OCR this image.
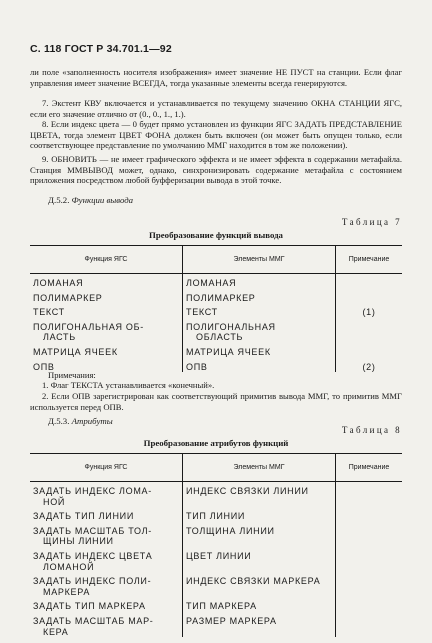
С. 118 ГОСТ Р 34.701.1—92
ли поле «заполненность носителя изображения» имеет значение НЕ ПУСТ на станции. Если флаг управления имеет значение ВСЕГДА, тогда указанные элементы всегда генерируются.
7. Экстент КВУ включается и устанавливается по текущему значению ОКНА СТАНЦИИ ЯГС, если его значение отлично от (0., 0., 1., 1.).
8. Если индекс цвета — 0 будет прямо установлен из функции ЯГС ЗАДАТЬ ПРЕДСТАВЛЕНИЕ ЦВЕТА, тогда элемент ЦВЕТ ФОНА должен быть включен (он может быть опущен только, если соответствующее представление по умолчанию ММГ находится в том же положении).
9. ОБНОВИТЬ — не имеет графического эффекта и не имеет эффекта в содержании метафайла. Станция ММВЫВОД может, однако, синхронизировать содержание метафайла с состоянием приложения посредством любой буфферизации вывода в этой точке.
Д.5.2. Функции вывода
Таблица 7
Преобразование функций вывода
Функция ЯГС	Элементы ММГ	Примечание

ЛОМАНАЯ	ЛОМАНАЯ	

ПОЛИМАРКЕР	ПОЛИМАРКЕР	

ТЕКСТ	ТЕКСТ	(1)

ПОЛИГОНАЛЬНАЯ ОБ-
ЛАСТЬ	ПОЛИГОНАЛЬНАЯ
ОБЛАСТЬ	

МАТРИЦА ЯЧЕЕК	МАТРИЦА ЯЧЕЕК	

ОПВ	ОПВ	(2)
Примечания:
1. Флаг ТЕКСТА устанавливается «конечный».
2. Если ОПВ зарегистрирован как соответствующий примитив вывода ММГ, то примитив ММГ используется перед ОПВ.
Д.5.3. Атрибуты
Таблица 8
Преобразование атрибутов функций
Функция ЯГС	Элементы ММГ	Примечание

ЗАДАТЬ ИНДЕКС ЛОМА-
НОЙ	ИНДЕКС СВЯЗКИ ЛИНИИ	

ЗАДАТЬ ТИП ЛИНИИ	ТИП ЛИНИИ	

ЗАДАТЬ МАСШТАБ ТОЛ-
ЩИНЫ ЛИНИИ	ТОЛЩИНА ЛИНИИ	

ЗАДАТЬ ИНДЕКС ЦВЕТА
ЛОМАНОЙ	ЦВЕТ ЛИНИИ	

ЗАДАТЬ ИНДЕКС ПОЛИ-
МАРКЕРА	ИНДЕКС СВЯЗКИ МАРКЕРА	

ЗАДАТЬ ТИП МАРКЕРА	ТИП МАРКЕРА	

ЗАДАТЬ МАСШТАБ МАР-
КЕРА	РАЗМЕР МАРКЕРА	
